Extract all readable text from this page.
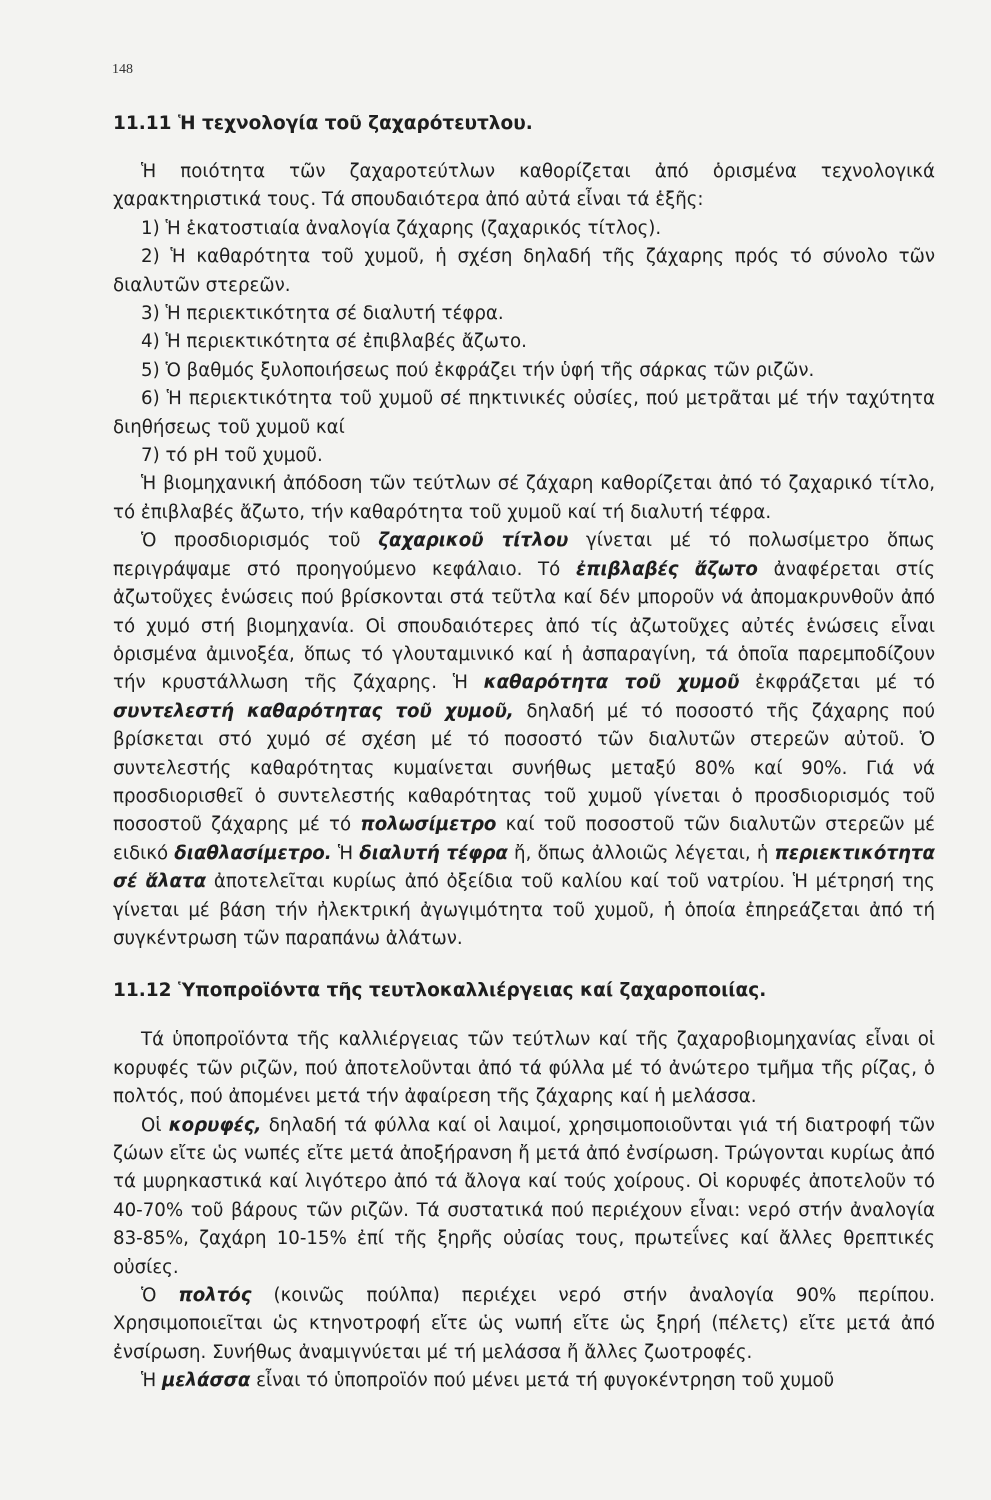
148
11.11 Ἡ τεχνολογία τοῦ ζαχαρότευτλου.

Ἡ ποιότητα τῶν ζαχαροτεύτλων καθορίζεται ἀπό ὁρισμένα τεχνολογικά χαρακτηριστικά τους. Τά σπουδαιότερα ἀπό αὐτά εἶναι τά ἑξῆς:

1) Ἡ ἑκατοστιαία ἀναλογία ζάχαρης (ζαχαρικός τίτλος).

2) Ἡ καθαρότητα τοῦ χυμοῦ, ἡ σχέση δηλαδή τῆς ζάχαρης πρός τό σύνολο τῶν διαλυτῶν στερεῶν.

3) Ἡ περιεκτικότητα σέ διαλυτή τέφρα.

4) Ἡ περιεκτικότητα σέ ἐπιβλαβές ἄζωτο.

5) Ὁ βαθμός ξυλοποιήσεως πού ἐκφράζει τήν ὑφή τῆς σάρκας τῶν ριζῶν.

6) Ἡ περιεκτικότητα τοῦ χυμοῦ σέ πηκτινικές οὐσίες, πού μετρᾶται μέ τήν ταχύτητα διηθήσεως τοῦ χυμοῦ καί

7) τό pH τοῦ χυμοῦ.

Ἡ βιομηχανική ἀπόδοση τῶν τεύτλων σέ ζάχαρη καθορίζεται ἀπό τό ζαχαρικό τίτλο, τό ἐπιβλαβές ἄζωτο, τήν καθαρότητα τοῦ χυμοῦ καί τή διαλυτή τέφρα.

Ὁ προσδιορισμός τοῦ ζαχαρικοῦ τίτλου γίνεται μέ τό πολωσίμετρο ὅπως περιγράψαμε στό προηγούμενο κεφάλαιο. Τό ἐπιβλαβές ἄζωτο ἀναφέρεται στίς ἀζωτοῦχες ἑνώσεις πού βρίσκονται στά τεῦτλα καί δέν μποροῦν νά ἀπομακρυνθοῦν ἀπό τό χυμό στή βιομηχανία. Οἱ σπουδαιότερες ἀπό τίς ἀζωτοῦχες αὐτές ἑνώσεις εἶναι ὁρισμένα ἀμινοξέα, ὅπως τό γλουταμινικό καί ἡ ἀσπαραγίνη, τά ὁποῖα παρεμποδίζουν τήν κρυστάλλωση τῆς ζάχαρης. Ἡ καθαρότητα τοῦ χυμοῦ ἐκφράζεται μέ τό συντελεστή καθαρότητας τοῦ χυμοῦ, δηλαδή μέ τό ποσοστό τῆς ζάχαρης πού βρίσκεται στό χυμό σέ σχέση μέ τό ποσοστό τῶν διαλυτῶν στερεῶν αὐτοῦ. Ὁ συντελεστής καθαρότητας κυμαίνεται συνήθως μεταξύ 80% καί 90%. Γιά νά προσδιορισθεῖ ὁ συντελεστής καθαρότητας τοῦ χυμοῦ γίνεται ὁ προσδιορισμός τοῦ ποσοστοῦ ζάχαρης μέ τό πολωσίμετρο καί τοῦ ποσοστοῦ τῶν διαλυτῶν στερεῶν μέ ειδικό διαθλασίμετρο. Ἡ διαλυτή τέφρα ἤ, ὅπως ἀλλοιῶς λέγεται, ἡ περιεκτικότητα σέ ἅλατα ἀποτελεῖται κυρίως ἀπό ὀξείδια τοῦ καλίου καί τοῦ νατρίου. Ἡ μέτρησή της γίνεται μέ βάση τήν ἠλεκτρική ἀγωγιμότητα τοῦ χυμοῦ, ἡ ὁποία ἐπηρεάζεται ἀπό τή συγκέντρωση τῶν παραπάνω ἀλάτων.

11.12 Ὑποπροϊόντα τῆς τευτλοκαλλιέργειας καί ζαχαροποιίας.

Τά ὑποπροϊόντα τῆς καλλιέργειας τῶν τεύτλων καί τῆς ζαχαροβιομηχανίας εἶναι οἱ κορυφές τῶν ριζῶν, πού ἀποτελοῦνται ἀπό τά φύλλα μέ τό ἀνώτερο τμῆμα τῆς ρίζας, ὁ πολτός, πού ἀπομένει μετά τήν ἀφαίρεση τῆς ζάχαρης καί ἡ μελάσσα.

Οἱ κορυφές, δηλαδή τά φύλλα καί οἱ λαιμοί, χρησιμοποιοῦνται γιά τή διατροφή τῶν ζώων εἴτε ὡς νωπές εἴτε μετά ἀποξήρανση ἤ μετά ἀπό ἐνσίρωση. Τρώγονται κυρίως ἀπό τά μυρηκαστικά καί λιγότερο ἀπό τά ἄλογα καί τούς χοίρους. Οἱ κορυφές ἀποτελοῦν τό 40-70% τοῦ βάρους τῶν ριζῶν. Τά συστατικά πού περιέχουν εἶναι: νερό στήν ἀναλογία 83-85%, ζαχάρη 10-15% ἐπί τῆς ξηρῆς οὐσίας τους, πρωτεΐνες καί ἄλλες θρεπτικές οὐσίες.

Ὁ πολτός (κοινῶς πούλπα) περιέχει νερό στήν ἀναλογία 90% περίπου. Χρησιμοποιεῖται ὡς κτηνοτροφή εἴτε ὡς νωπή εἴτε ὡς ξηρή (πέλετς) εἴτε μετά ἀπό ἐνσίρωση. Συνήθως ἀναμιγνύεται μέ τή μελάσσα ἤ ἄλλες ζωοτροφές.

Ἡ μελάσσα εἶναι τό ὑποπροϊόν πού μένει μετά τή φυγοκέντρηση τοῦ χυμοῦ
